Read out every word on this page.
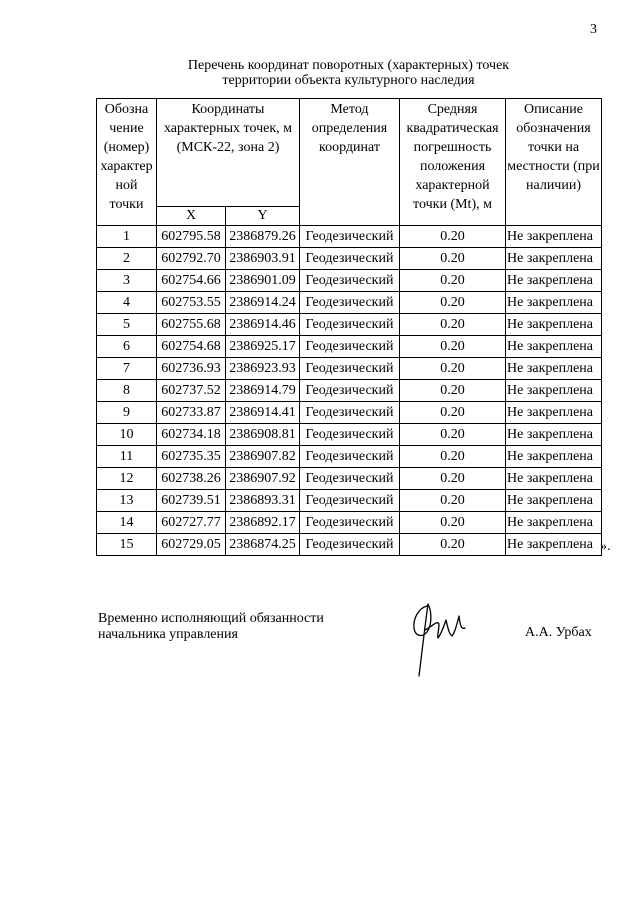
3
Перечень координат поворотных (характерных) точек
территории объекта культурного наследия
Обозна чение (номер) характер ной точки	Координаты характерных точек, м (МСК-22, зона 2)		Метод определения координат	Средняя квадратическая погрешность положения характерной точки (Mt), м	Описание обозначения точки на местности (при наличии)
	X	Y			
1	602795.58	2386879.26	Геодезический	0.20	Не закреплена
2	602792.70	2386903.91	Геодезический	0.20	Не закреплена
3	602754.66	2386901.09	Геодезический	0.20	Не закреплена
4	602753.55	2386914.24	Геодезический	0.20	Не закреплена
5	602755.68	2386914.46	Геодезический	0.20	Не закреплена
6	602754.68	2386925.17	Геодезический	0.20	Не закреплена
7	602736.93	2386923.93	Геодезический	0.20	Не закреплена
8	602737.52	2386914.79	Геодезический	0.20	Не закреплена
9	602733.87	2386914.41	Геодезический	0.20	Не закреплена
10	602734.18	2386908.81	Геодезический	0.20	Не закреплена
11	602735.35	2386907.82	Геодезический	0.20	Не закреплена
12	602738.26	2386907.92	Геодезический	0.20	Не закреплена
13	602739.51	2386893.31	Геодезический	0.20	Не закреплена
14	602727.77	2386892.17	Геодезический	0.20	Не закреплена
15	602729.05	2386874.25	Геодезический	0.20	Не закреплена ».
Временно исполняющий обязанности
начальника управления	А.А. Урбах
